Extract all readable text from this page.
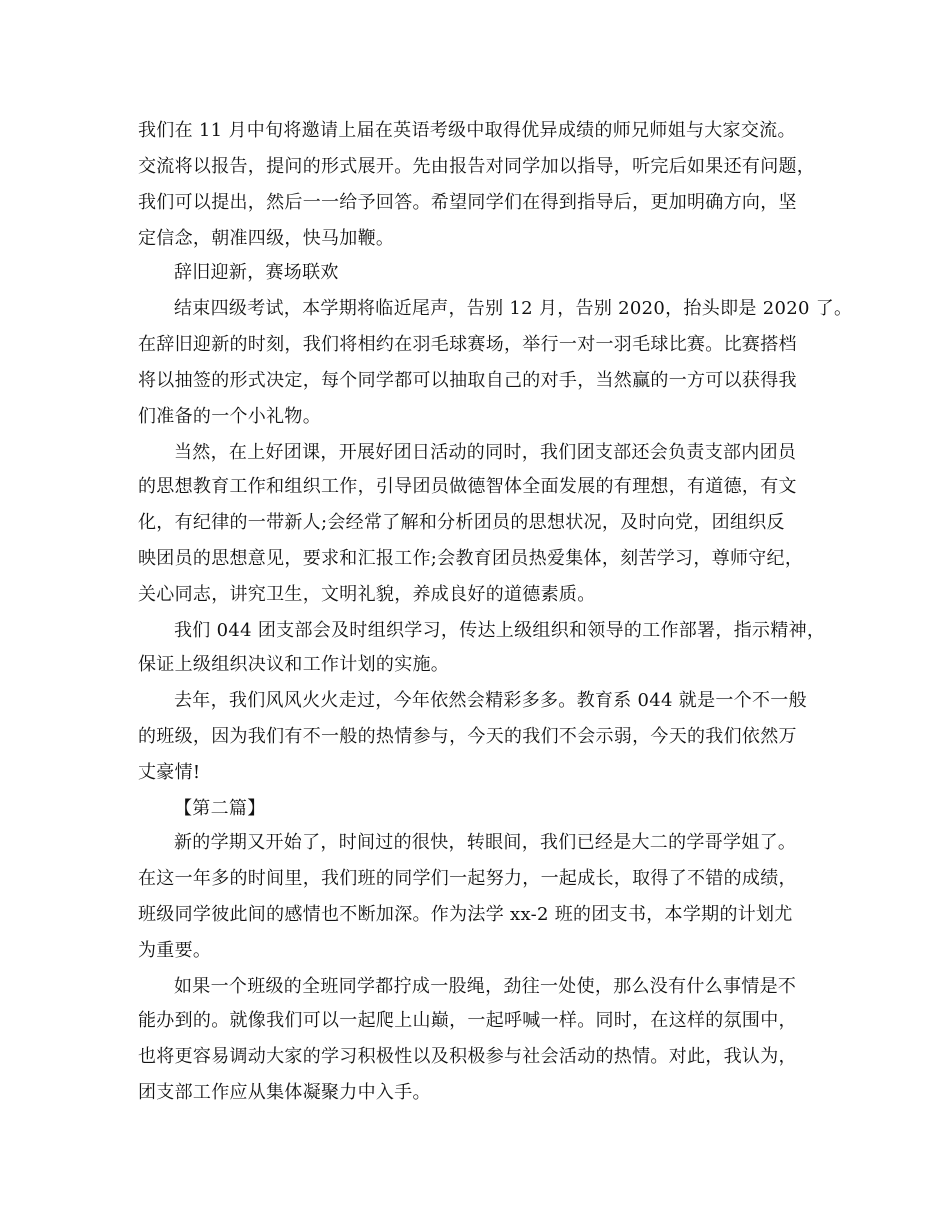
我们在 11 月中旬将邀请上届在英语考级中取得优异成绩的师兄师姐与大家交流。
交流将以报告，提问的形式展开。先由报告对同学加以指导，听完后如果还有问题，
我们可以提出，然后一一给予回答。希望同学们在得到指导后，更加明确方向，坚
定信念，朝准四级，快马加鞭。
辞旧迎新，赛场联欢
结束四级考试，本学期将临近尾声，告别 12 月，告别 2020，抬头即是 2020 了。
在辞旧迎新的时刻，我们将相约在羽毛球赛场，举行一对一羽毛球比赛。比赛搭档
将以抽签的形式决定，每个同学都可以抽取自己的对手，当然赢的一方可以获得我
们准备的一个小礼物。
当然，在上好团课，开展好团日活动的同时，我们团支部还会负责支部内团员
的思想教育工作和组织工作，引导团员做德智体全面发展的有理想，有道德，有文
化，有纪律的一带新人;会经常了解和分析团员的思想状况，及时向党，团组织反
映团员的思想意见，要求和汇报工作;会教育团员热爱集体，刻苦学习，尊师守纪，
关心同志，讲究卫生，文明礼貌，养成良好的道德素质。
我们 044 团支部会及时组织学习，传达上级组织和领导的工作部署，指示精神，
保证上级组织决议和工作计划的实施。
去年，我们风风火火走过，今年依然会精彩多多。教育系 044 就是一个不一般
的班级，因为我们有不一般的热情参与，今天的我们不会示弱，今天的我们依然万
丈豪情!
【第二篇】
新的学期又开始了，时间过的很快，转眼间，我们已经是大二的学哥学姐了。
在这一年多的时间里，我们班的同学们一起努力，一起成长，取得了不错的成绩，
班级同学彼此间的感情也不断加深。作为法学 xx-2 班的团支书，本学期的计划尤
为重要。
如果一个班级的全班同学都拧成一股绳，劲往一处使，那么没有什么事情是不
能办到的。就像我们可以一起爬上山巅，一起呼喊一样。同时，在这样的氛围中，
也将更容易调动大家的学习积极性以及积极参与社会活动的热情。对此，我认为，
团支部工作应从集体凝聚力中入手。
